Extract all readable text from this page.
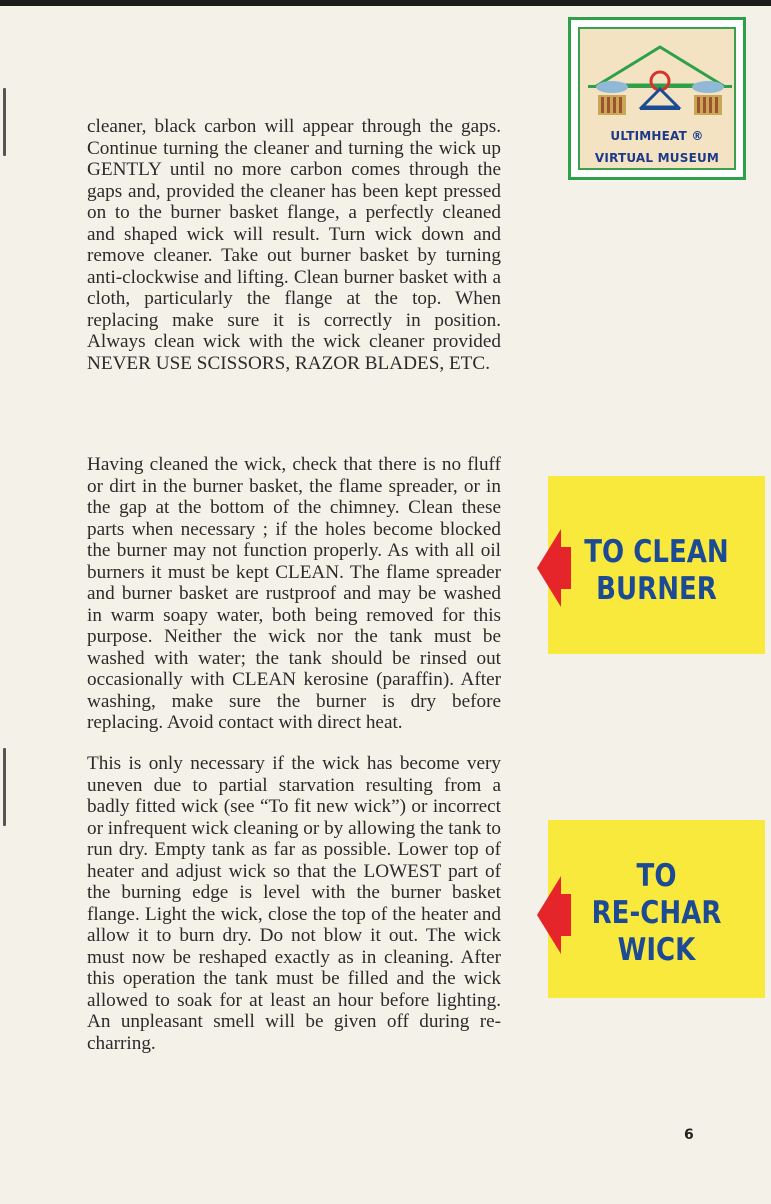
ULTIMHEAT ®
VIRTUAL MUSEUM

cleaner, black carbon will appear through the gaps. Continue turning the cleaner and turning the wick up GENTLY until no more carbon comes through the gaps and, provided the cleaner has been kept pressed on to the burner basket flange, a perfectly cleaned and shaped wick will result. Turn wick down and remove cleaner. Take out burner basket by turning anti-clockwise and lifting. Clean burner basket with a cloth, particularly the flange at the top. When replacing make sure it is correctly in position. Always clean wick with the wick cleaner provided NEVER USE SCISSORS, RAZOR BLADES, ETC.

Having cleaned the wick, check that there is no fluff or dirt in the burner basket, the flame spreader, or in the gap at the bottom of the chimney. Clean these parts when necessary ; if the holes become blocked the burner may not function properly. As with all oil burners it must be kept CLEAN. The flame spreader and burner basket are rustproof and may be washed in warm soapy water, both being removed for this purpose. Neither the wick nor the tank must be washed with water; the tank should be rinsed out occasionally with CLEAN kerosine (paraffin). After washing, make sure the burner is dry before replacing. Avoid contact with direct heat.

This is only necessary if the wick has become very uneven due to partial starvation resulting from a badly fitted wick (see “To fit new wick”) or incorrect or infrequent wick cleaning or by allowing the tank to run dry. Empty tank as far as possible. Lower top of heater and adjust wick so that the LOWEST part of the burning edge is level with the burner basket flange. Light the wick, close the top of the heater and allow it to burn dry. Do not blow it out. The wick must now be reshaped exactly as in cleaning. After this operation the tank must be filled and the wick allowed to soak for at least an hour before lighting. An unpleasant smell will be given off during re-charring.

TO CLEAN
BURNER
TO
RE-CHAR
WICK
6
